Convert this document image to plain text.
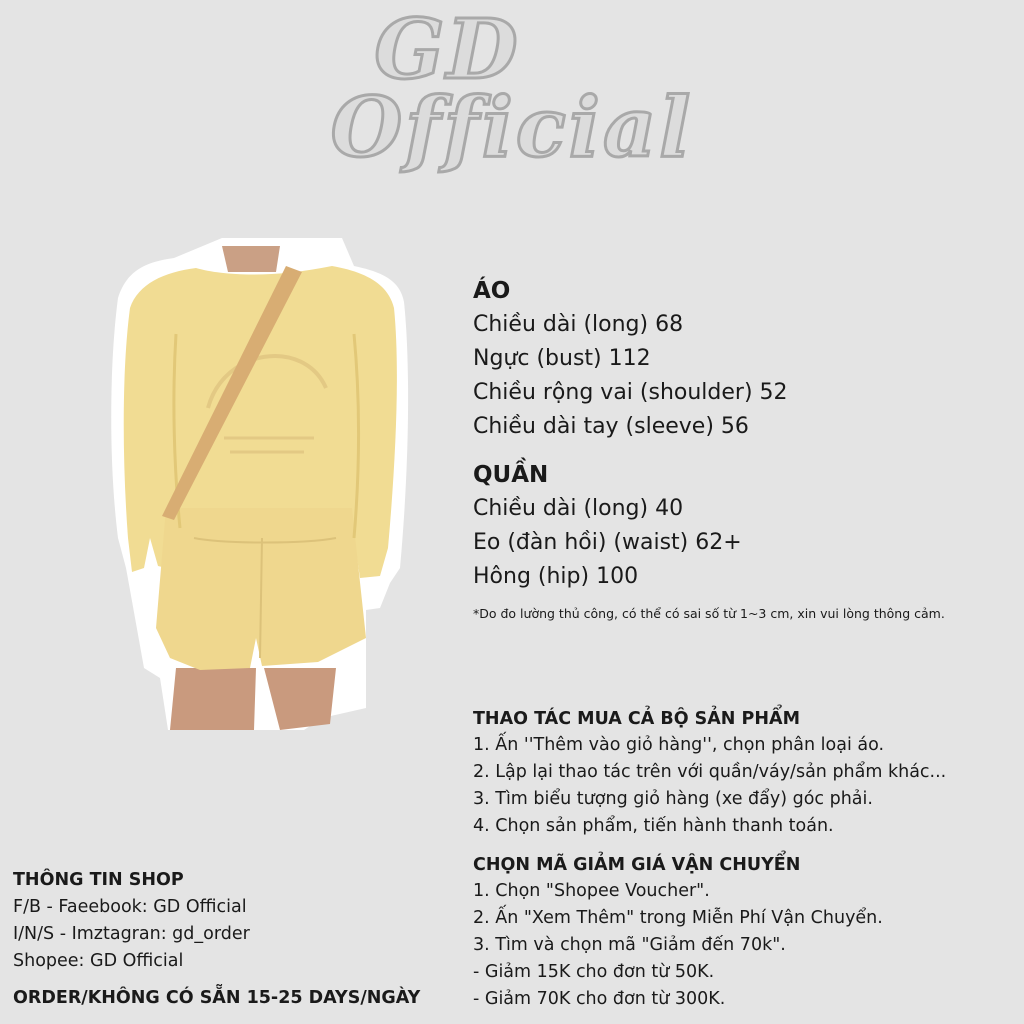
GD
Official
ÁO
Chiều dài (long) 68
Ngực (bust) 112
Chiều rộng vai (shoulder) 52
Chiều dài tay (sleeve) 56
QUẦN
Chiều dài (long) 40
Eo (đàn hồi) (waist) 62+
Hông (hip) 100
*Do đo lường thủ công, có thể có sai số từ 1~3 cm, xin vui lòng thông cảm.
THAO TÁC MUA CẢ BỘ SẢN PHẨM
1. Ấn ''Thêm vào giỏ hàng'', chọn phân loại áo.
2. Lập lại thao tác trên với quần/váy/sản phẩm khác...
3. Tìm biểu tượng giỏ hàng (xe đẩy) góc phải.
4. Chọn sản phẩm, tiến hành thanh toán.
CHỌN MÃ GIẢM GIÁ VẬN CHUYỂN
1. Chọn "Shopee Voucher".
2. Ấn "Xem Thêm" trong Miễn Phí Vận Chuyển.
3. Tìm và chọn mã "Giảm đến 70k".
- Giảm 15K cho đơn từ 50K.
- Giảm 70K cho đơn từ 300K.
THÔNG TIN SHOP
F/B - Faeebook: GD Official
I/N/S - Imztagran: gd_order
Shopee: GD Official
ORDER/KHÔNG CÓ SẴN 15-25 DAYS/NGÀY
